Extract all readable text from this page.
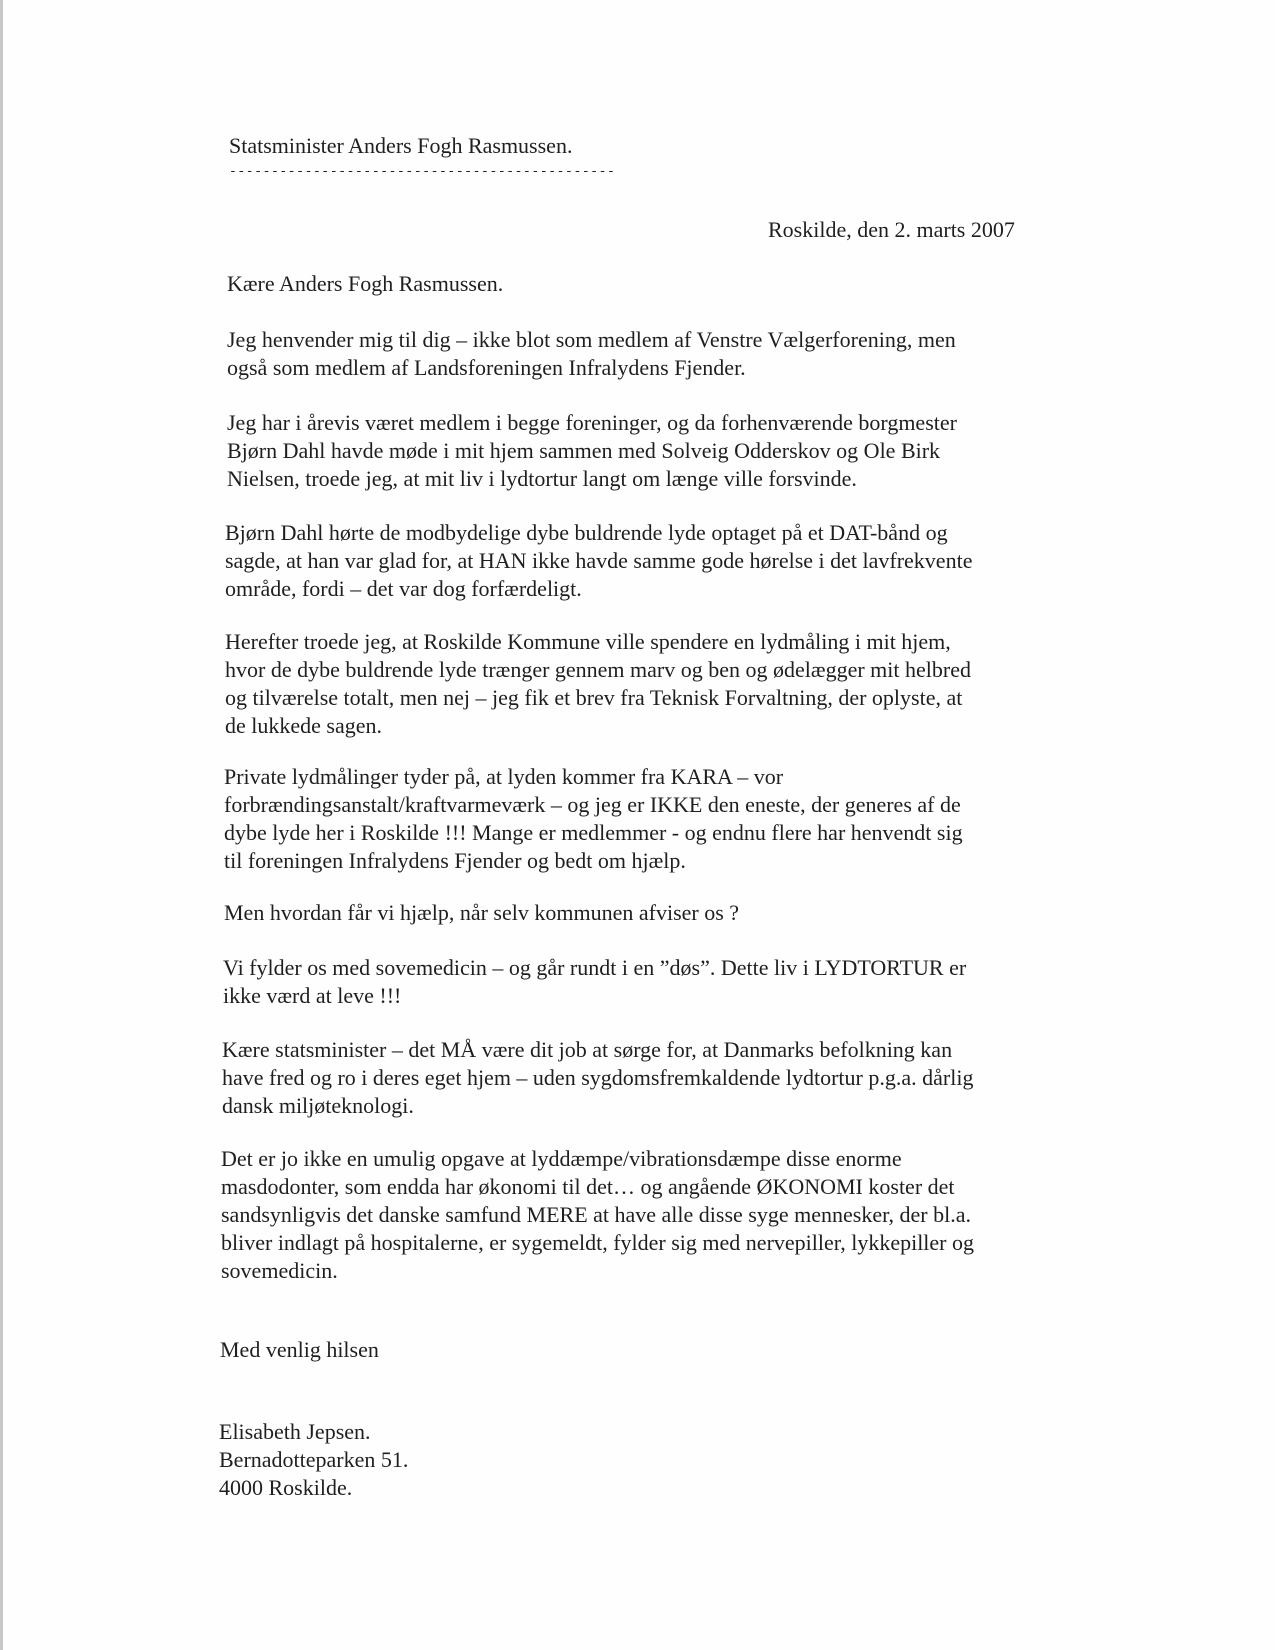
Statsminister Anders Fogh Rasmussen.
----------------------------------------------
Roskilde, den 2. marts 2007
Kære Anders Fogh Rasmussen.
Jeg henvender mig til dig – ikke blot som medlem af Venstre Vælgerforening, men
også som medlem af Landsforeningen Infralydens Fjender.
Jeg har i årevis været medlem i begge foreninger, og da forhenværende borgmester
Bjørn Dahl havde møde i mit hjem sammen med Solveig Odderskov og Ole Birk
Nielsen, troede jeg, at mit liv i lydtortur langt om længe ville forsvinde.
Bjørn Dahl hørte de modbydelige dybe buldrende lyde optaget på et DAT-bånd og
sagde, at han var glad for, at HAN ikke havde samme gode hørelse i det lavfrekvente
område, fordi – det var dog forfærdeligt.
Herefter troede jeg, at Roskilde Kommune ville spendere en lydmåling i mit hjem,
hvor de dybe buldrende lyde trænger gennem marv og ben og ødelægger mit helbred
og tilværelse totalt, men nej – jeg fik et brev fra Teknisk Forvaltning, der oplyste, at
de lukkede sagen.
Private lydmålinger tyder på, at lyden kommer fra KARA – vor
forbrændingsanstalt/kraftvarmeværk – og jeg er IKKE den eneste, der generes af de
dybe lyde her i Roskilde !!! Mange er medlemmer - og endnu flere har henvendt sig
til foreningen Infralydens Fjender og bedt om hjælp.
Men hvordan får vi hjælp, når selv kommunen afviser os ?
Vi fylder os med sovemedicin – og går rundt i en ”døs”. Dette liv i LYDTORTUR er
ikke værd at leve !!!
Kære statsminister – det MÅ være dit job at sørge for, at Danmarks befolkning kan
have fred og ro i deres eget hjem – uden sygdomsfremkaldende lydtortur p.g.a. dårlig
dansk miljøteknologi.
Det er jo ikke en umulig opgave at lyddæmpe/vibrationsdæmpe disse enorme
masdodonter, som endda har økonomi til det… og angående ØKONOMI koster det
sandsynligvis det danske samfund MERE at have alle disse syge mennesker, der bl.a.
bliver indlagt på hospitalerne, er sygemeldt, fylder sig med nervepiller, lykkepiller og
sovemedicin.
Med venlig hilsen
Elisabeth Jepsen.
Bernadotteparken 51.
4000 Roskilde.
